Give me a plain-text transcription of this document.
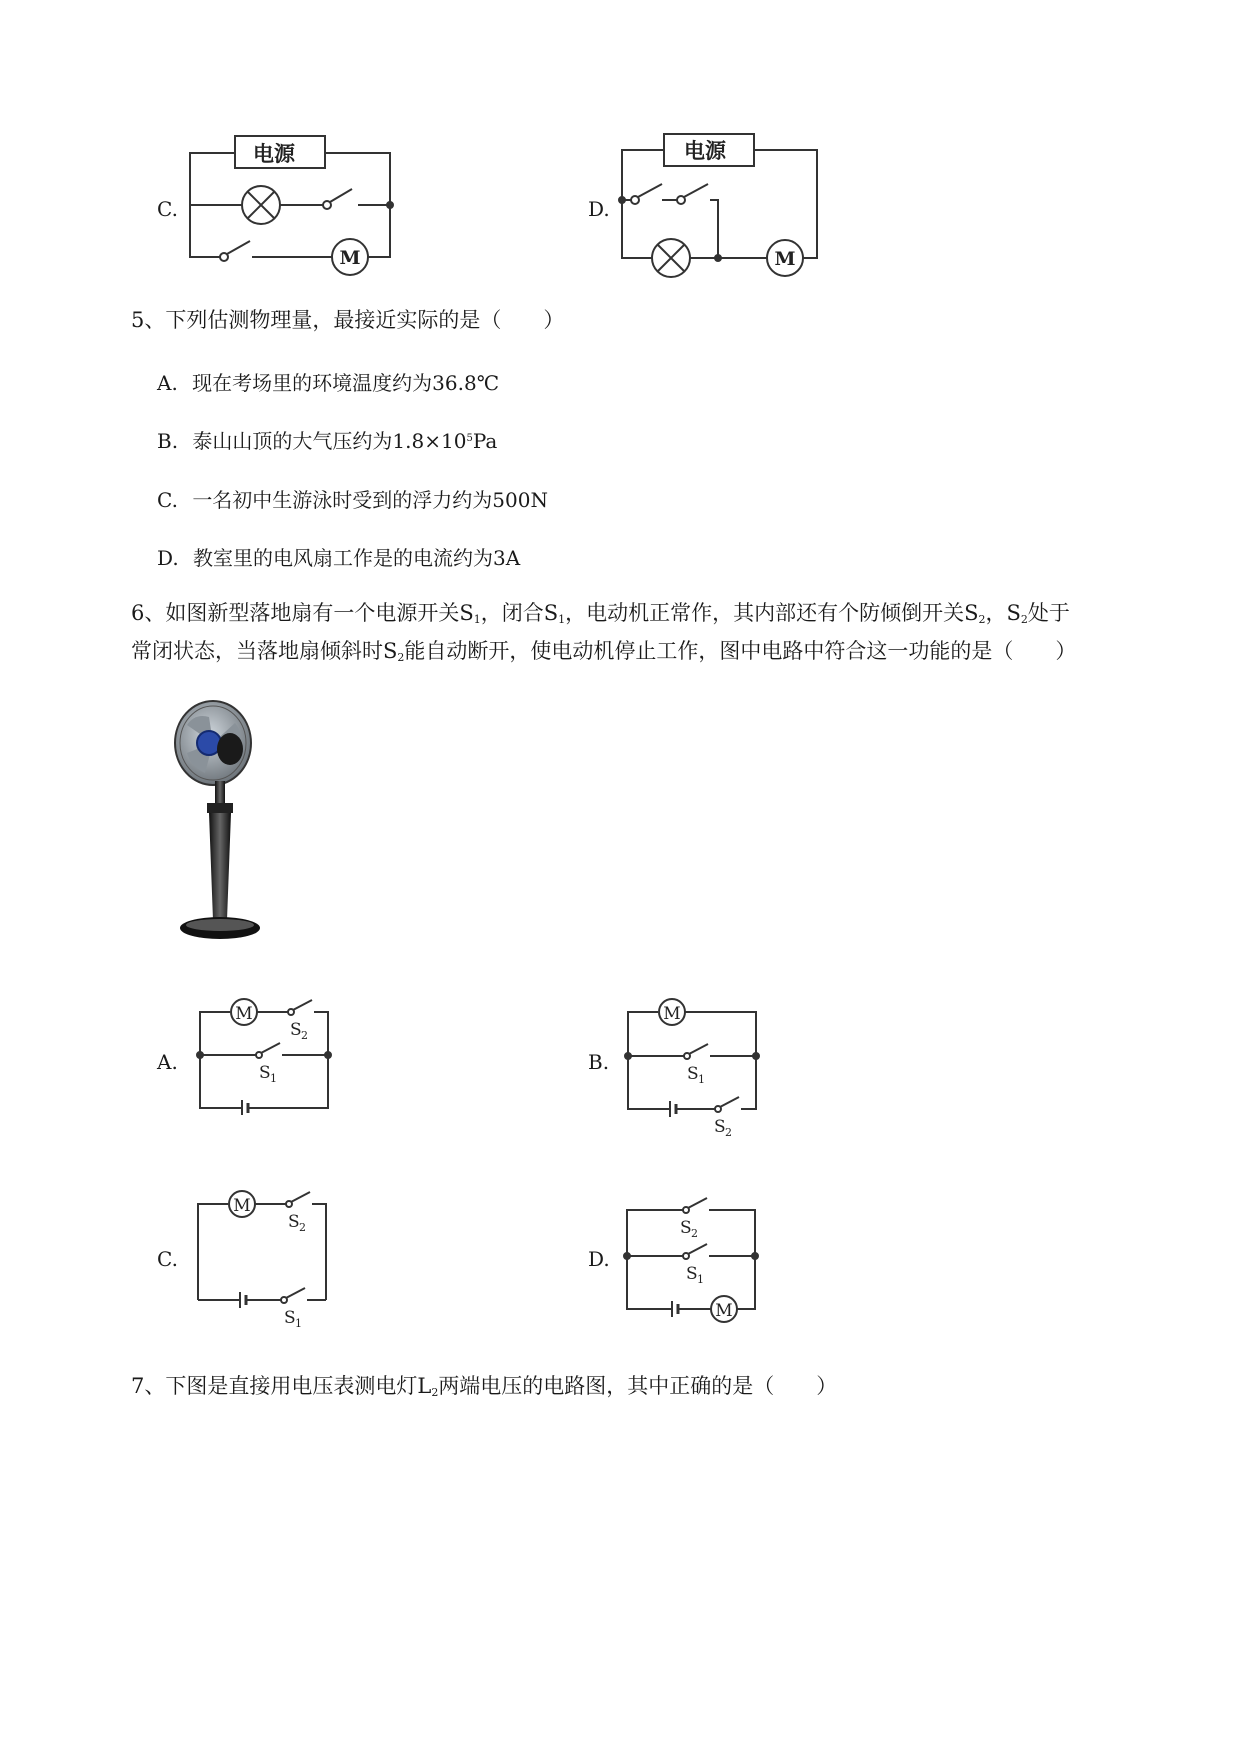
C.
电源
M
D.
电源
M
5、下列估测物理量，最接近实际的是（　　）
A. 现在考场里的环境温度约为36.8℃
B. 泰山山顶的大气压约为$1.8\times 10^5Pa$
C. 一名初中生游泳时受到的浮力约为500N
D. 教室里的电风扇工作是的电流约为3A
6、如图新型落地扇有一个电源开关$S_1$，闭合$S_1$，电动机正常作，其内部还有个防倾倒开关$S_2$，$S_2$处于
常闭状态，当落地扇倾斜时$S_2$能自动断开，使电动机停止工作，图中电路中符合这一功能的是（　　）
A.
M
S 2
S 1
B.
M
S 1
S 2
C.
M
S 2
S 1
D.
M
S 2
S 1
7、下图是直接用电压表测电灯$L_2$两端电压的电路图，其中正确的是（　　）
